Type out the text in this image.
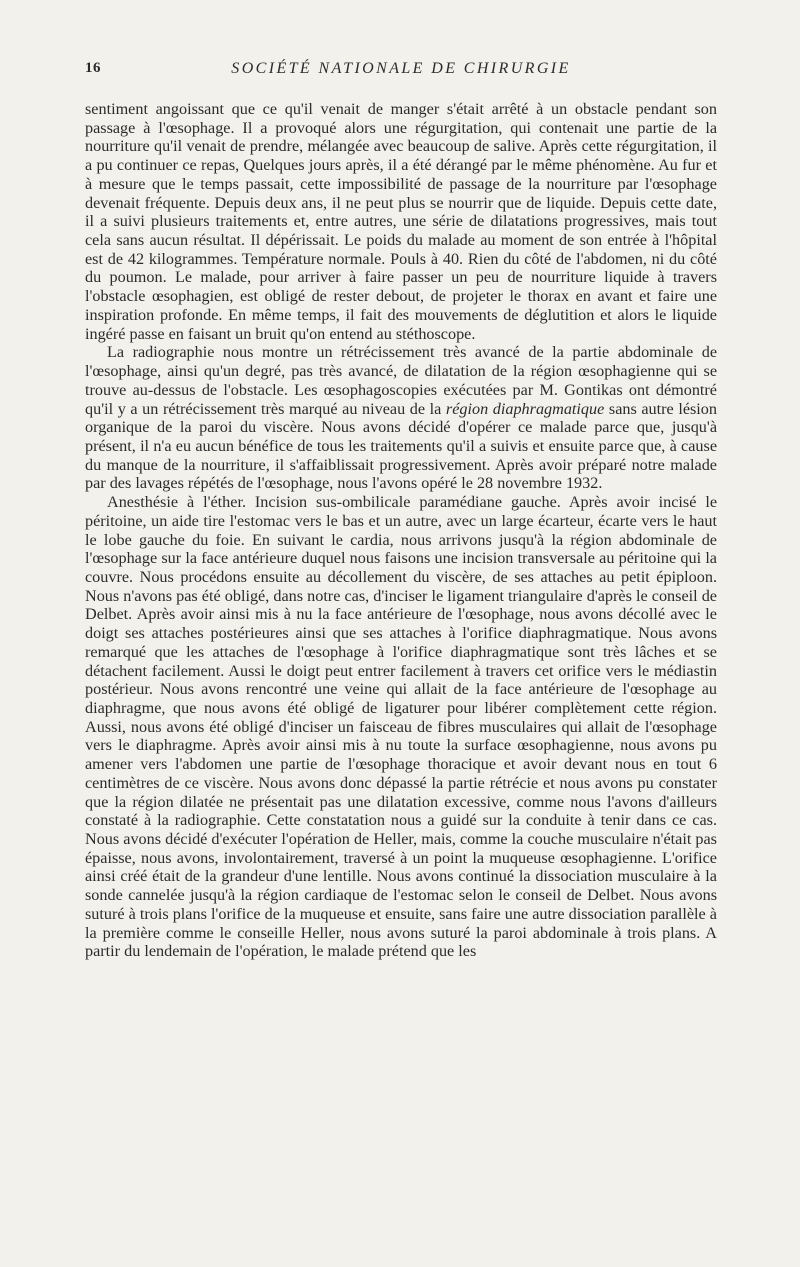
16	SOCIÉTÉ NATIONALE DE CHIRURGIE

sentiment angoissant que ce qu'il venait de manger s'était arrêté à un obstacle pendant son passage à l'œsophage. Il a provoqué alors une régurgitation, qui contenait une partie de la nourriture qu'il venait de prendre, mélangée avec beaucoup de salive. Après cette régurgitation, il a pu continuer ce repas, Quelques jours après, il a été dérangé par le même phénomène. Au fur et à mesure que le temps passait, cette impossibilité de passage de la nourriture par l'œsophage devenait fréquente. Depuis deux ans, il ne peut plus se nourrir que de liquide. Depuis cette date, il a suivi plusieurs traitements et, entre autres, une série de dilatations progressives, mais tout cela sans aucun résultat. Il dépérissait. Le poids du malade au moment de son entrée à l'hôpital est de 42 kilogrammes. Température normale. Pouls à 40. Rien du côté de l'abdomen, ni du côté du poumon. Le malade, pour arriver à faire passer un peu de nourriture liquide à travers l'obstacle œsophagien, est obligé de rester debout, de projeter le thorax en avant et faire une inspiration profonde. En même temps, il fait des mouvements de déglutition et alors le liquide ingéré passe en faisant un bruit qu'on entend au stéthoscope.

La radiographie nous montre un rétrécissement très avancé de la partie abdominale de l'œsophage, ainsi qu'un degré, pas très avancé, de dilatation de la région œsophagienne qui se trouve au-dessus de l'obstacle. Les œsophagoscopies exécutées par M. Gontikas ont démontré qu'il y a un rétrécissement très marqué au niveau de la région diaphragmatique sans autre lésion organique de la paroi du viscère. Nous avons décidé d'opérer ce malade parce que, jusqu'à présent, il n'a eu aucun bénéfice de tous les traitements qu'il a suivis et ensuite parce que, à cause du manque de la nourriture, il s'affaiblissait progressivement. Après avoir préparé notre malade par des lavages répétés de l'œsophage, nous l'avons opéré le 28 novembre 1932.

Anesthésie à l'éther. Incision sus-ombilicale paramédiane gauche. Après avoir incisé le péritoine, un aide tire l'estomac vers le bas et un autre, avec un large écarteur, écarte vers le haut le lobe gauche du foie. En suivant le cardia, nous arrivons jusqu'à la région abdominale de l'œsophage sur la face antérieure duquel nous faisons une incision transversale au péritoine qui la couvre. Nous procédons ensuite au décollement du viscère, de ses attaches au petit épiploon. Nous n'avons pas été obligé, dans notre cas, d'inciser le ligament triangulaire d'après le conseil de Delbet. Après avoir ainsi mis à nu la face antérieure de l'œsophage, nous avons décollé avec le doigt ses attaches postérieures ainsi que ses attaches à l'orifice diaphragmatique. Nous avons remarqué que les attaches de l'œsophage à l'orifice diaphragmatique sont très lâches et se détachent facilement. Aussi le doigt peut entrer facilement à travers cet orifice vers le médiastin postérieur. Nous avons rencontré une veine qui allait de la face antérieure de l'œsophage au diaphragme, que nous avons été obligé de ligaturer pour libérer complètement cette région. Aussi, nous avons été obligé d'inciser un faisceau de fibres musculaires qui allait de l'œsophage vers le diaphragme. Après avoir ainsi mis à nu toute la surface œsophagienne, nous avons pu amener vers l'abdomen une partie de l'œsophage thoracique et avoir devant nous en tout 6 centimètres de ce viscère. Nous avons donc dépassé la partie rétrécie et nous avons pu constater que la région dilatée ne présentait pas une dilatation excessive, comme nous l'avons d'ailleurs constaté à la radiographie. Cette constatation nous a guidé sur la conduite à tenir dans ce cas. Nous avons décidé d'exécuter l'opération de Heller, mais, comme la couche musculaire n'était pas épaisse, nous avons, involontairement, traversé à un point la muqueuse œsophagienne. L'orifice ainsi créé était de la grandeur d'une lentille. Nous avons continué la dissociation musculaire à la sonde cannelée jusqu'à la région cardiaque de l'estomac selon le conseil de Delbet. Nous avons suturé à trois plans l'orifice de la muqueuse et ensuite, sans faire une autre dissociation parallèle à la première comme le conseille Heller, nous avons suturé la paroi abdominale à trois plans. A partir du lendemain de l'opération, le malade prétend que les
